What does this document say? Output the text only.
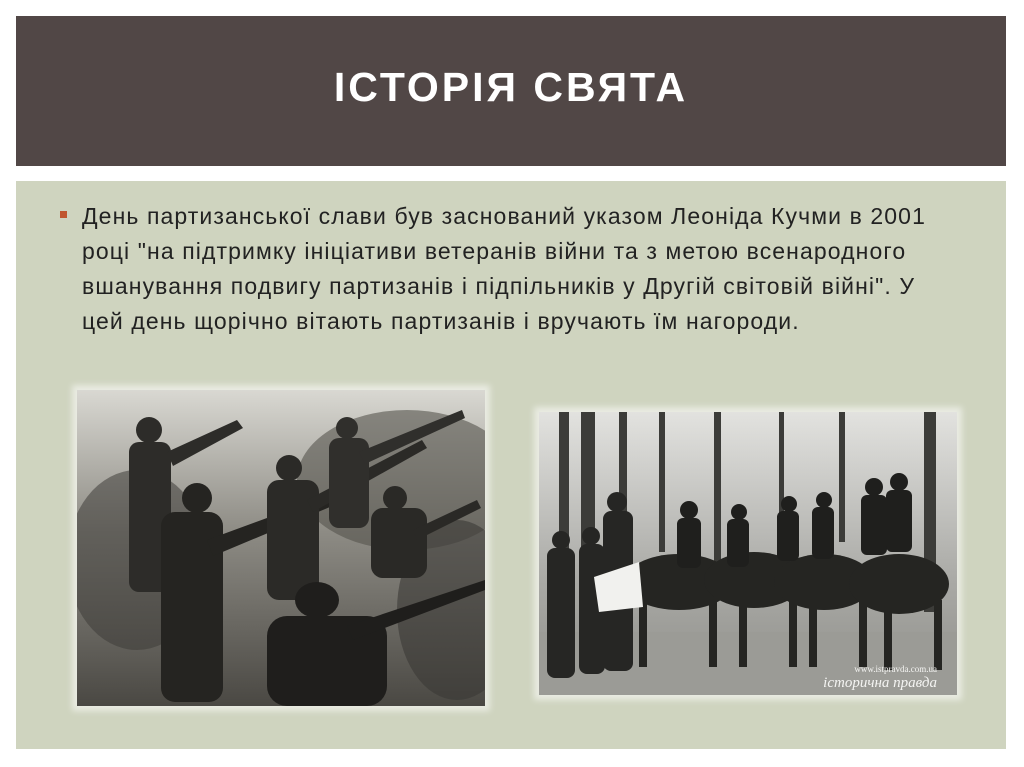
ІСТОРІЯ СВЯТА
День партизанської слави був заснований указом Леоніда Кучми в 2001 році "на підтримку ініціативи ветеранів війни та з метою всенародного вшанування подвигу партизанів і підпільників у Другій світовій війні". У цей день щорічно вітають партизанів і вручають їм нагороди.
www.istpravda.com.ua
історична правда
